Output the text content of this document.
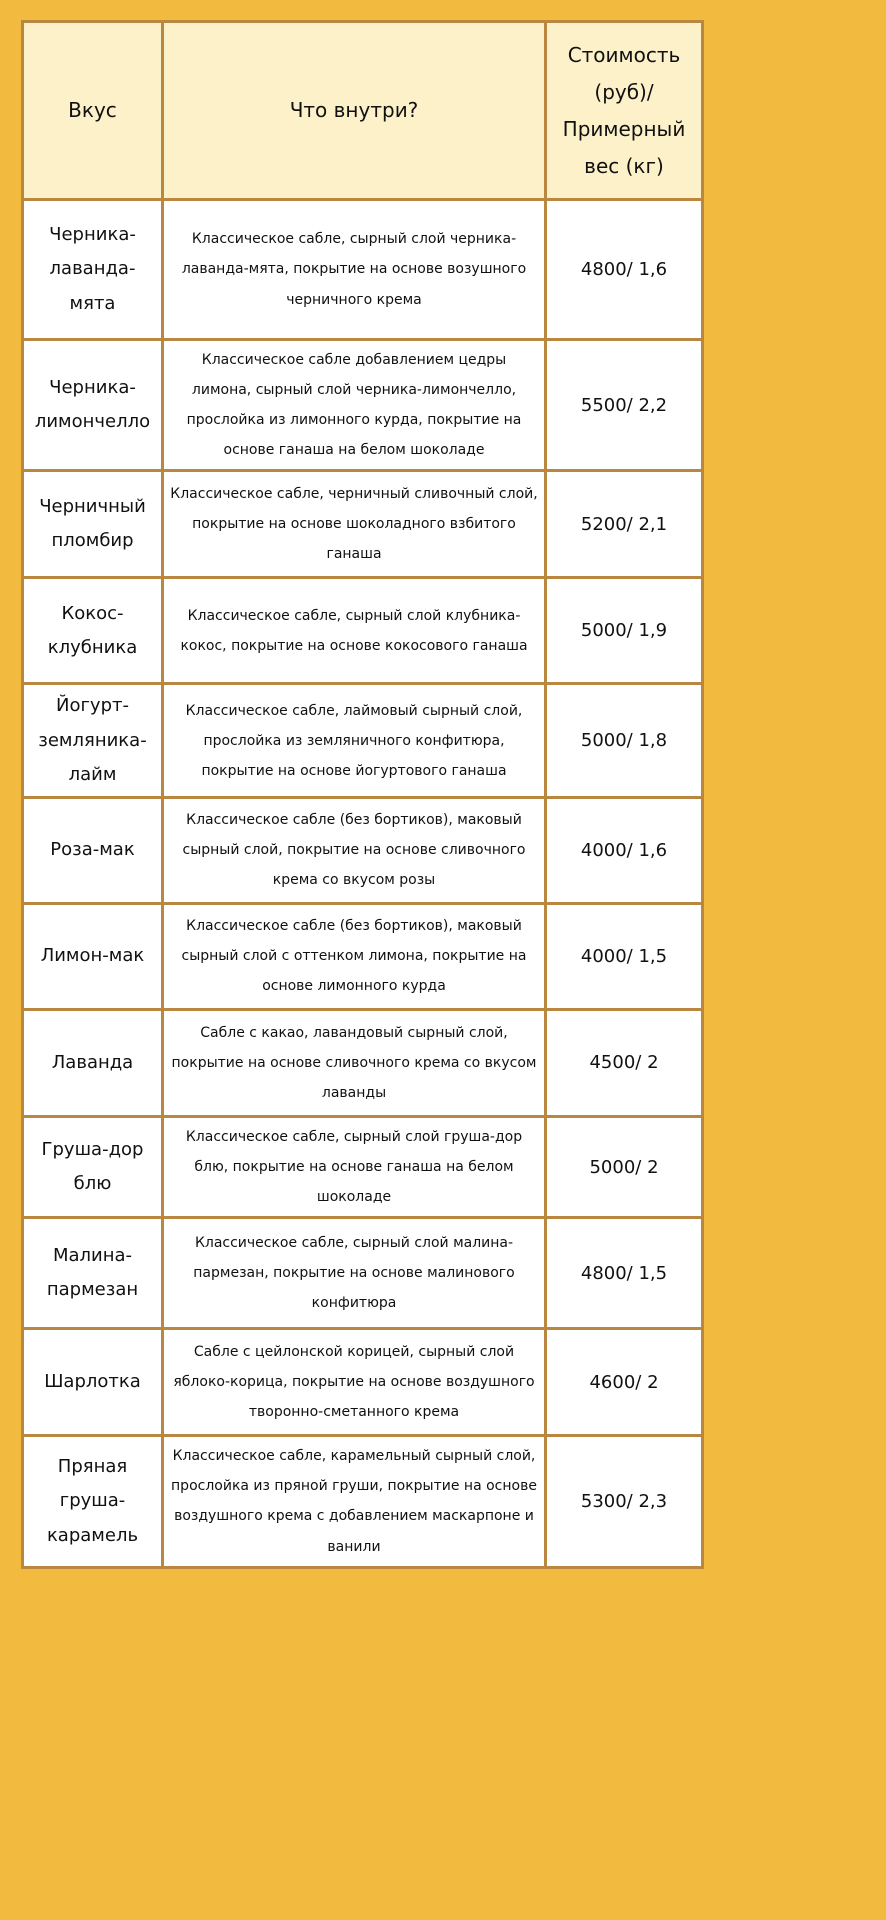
Вкус	Что внутри?	Стоимость (руб)/ Примерный вес (кг)
Черника-лаванда-мята	Классическое сабле, сырный слой черника-лаванда-мята, покрытие на основе возушного черничного крема	4800/ 1,6
Черника-лимончелло	Классическое сабле добавлением цедры лимона, сырный слой черника-лимончелло, прослойка из лимонного курда, покрытие на основе ганаша на белом шоколаде	5500/ 2,2
Черничный пломбир	Классическое сабле, черничный сливочный слой, покрытие на основе шоколадного взбитого ганаша	5200/ 2,1
Кокос-клубника	Классическое сабле, сырный слой клубника-кокос, покрытие на основе кокосового ганаша	5000/ 1,9
Йогурт-земляника-лайм	Классическое сабле, лаймовый сырный слой, прослойка из земляничного конфитюра, покрытие на основе йогуртового ганаша	5000/ 1,8
Роза-мак	Классическое сабле (без бортиков), маковый сырный слой, покрытие на основе сливочного крема со вкусом розы	4000/ 1,6
Лимон-мак	Классическое сабле (без бортиков), маковый сырный слой с оттенком лимона, покрытие на основе лимонного курда	4000/ 1,5
Лаванда	Сабле с какао, лавандовый сырный слой, покрытие на основе сливочного крема со вкусом лаванды	4500/ 2
Груша-дор блю	Классическое сабле, сырный слой груша-дор блю, покрытие на основе ганаша на белом шоколаде	5000/ 2
Малина-пармезан	Классическое сабле, сырный слой малина-пармезан, покрытие на основе малинового конфитюра	4800/ 1,5
Шарлотка	Сабле с цейлонской корицей, сырный слой яблоко-корица, покрытие на основе воздушного творонно-сметанного крема	4600/ 2
Пряная груша-карамель	Классическое сабле, карамельный сырный слой, прослойка из пряной груши, покрытие на основе воздушного крема с добавлением маскарпоне и ванили	5300/ 2,3
